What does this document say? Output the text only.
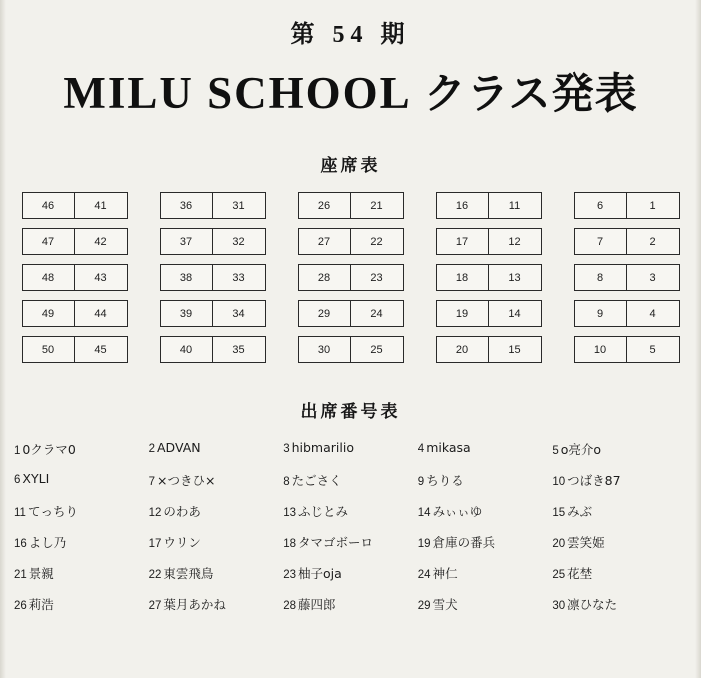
第 54 期
MILU SCHOOL クラス発表
座席表
46	41
47	42
48	43
49	44
50	45
36	31
37	32
38	33
39	34
40	35
26	21
27	22
28	23
29	24
30	25
16	11
17	12
18	13
19	14
20	15
6	1
7	2
8	3
9	4
10	5
出席番号表
1 0クラマ0	2 ADVAN	3 hibmarilio	4 mikasa	5 o亮介o
6 XYLI	7 ×つきひ×	8 たごさく	9 ちりる	10 つばき87
11 てっちり	12 のわあ	13 ふじとみ	14 みぃぃゆ	15 みぶ
16 よし乃	17 ウリン	18 タマゴボーロ	19 倉庫の番兵	20 雲笑姫
21 景親	22 東雲飛鳥	23 柚子oja	24 神仁	25 花埜
26 莉浩	27 葉月あかね	28 藤四郎	29 雪犬	30 凛ひなた
